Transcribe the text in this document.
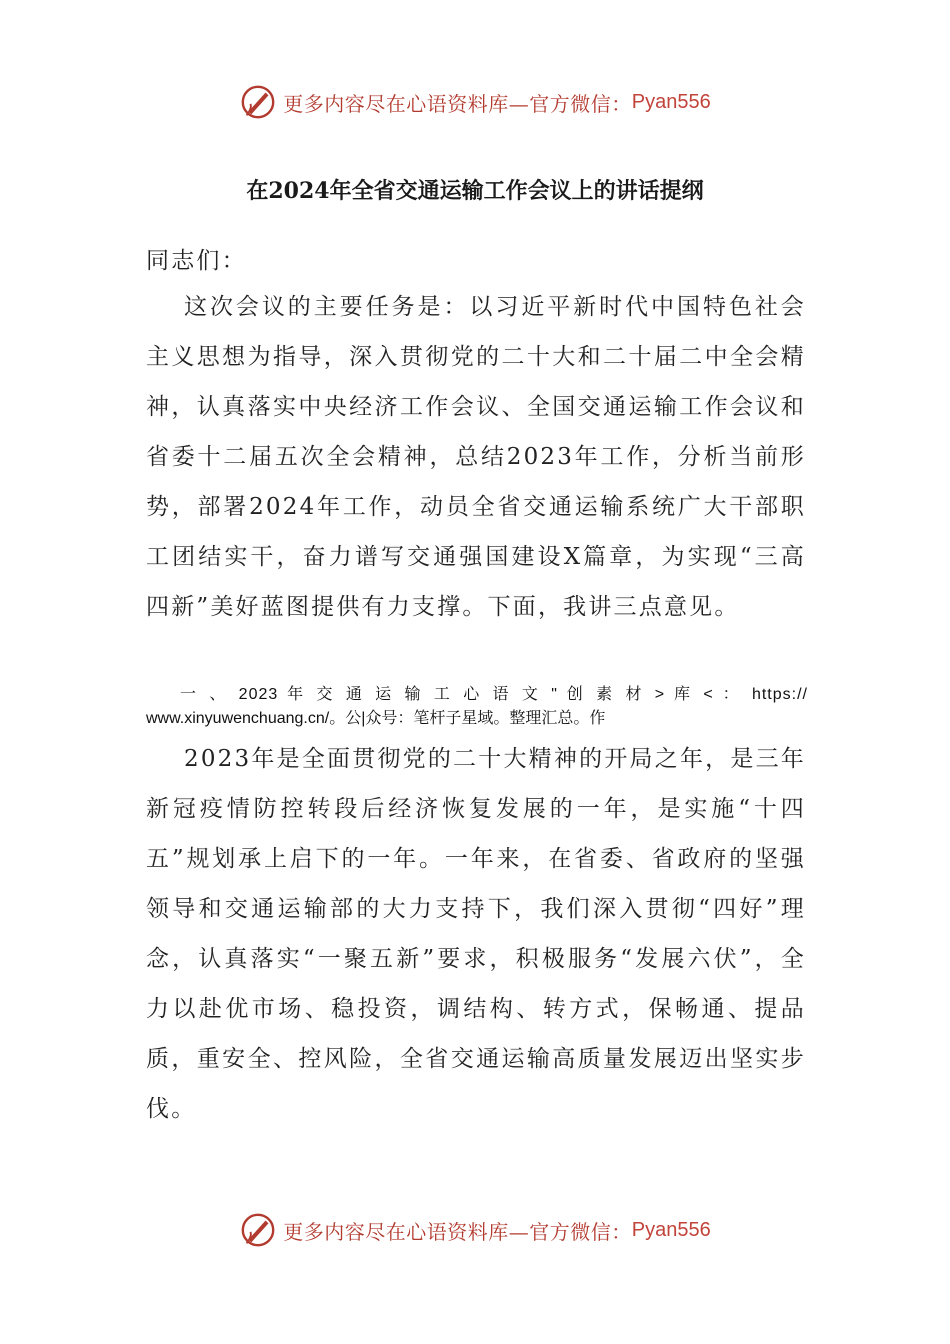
更多内容尽在心语资料库—官方微信： Pyan556
在2024年全省交通运输工作会议上的讲话提纲
同志们：
这次会议的主要任务是：以习近平新时代中国特色社会主义思想为指导，深入贯彻党的二十大和二十届二中全会精神，认真落实中央经济工作会议、全国交通运输工作会议和省委十二届五次全会精神，总结2023年工作，分析当前形势，部署2024年工作，动员全省交通运输系统广大干部职工团结实干，奋力谱写交通强国建设X篇章，为实现“三高四新”美好蓝图提供有力支撑。下面，我讲三点意见。
一 、 2023 年 交 通 运 输 工 心 语 文 " 创 素 材 > 库 < ： https://
www.xinyuwenchuang.cn/。公|众号：笔杆子星域。整理汇总。作
2023年是全面贯彻党的二十大精神的开局之年，是三年新冠疫情防控转段后经济恢复发展的一年，是实施“十四五”规划承上启下的一年。一年来，在省委、省政府的坚强领导和交通运输部的大力支持下，我们深入贯彻“四好”理念，认真落实“一聚五新”要求，积极服务“发展六伏”，全力以赴优市场、稳投资，调结构、转方式，保畅通、提品质，重安全、控风险，全省交通运输高质量发展迈出坚实步伐。
更多内容尽在心语资料库—官方微信： Pyan556
